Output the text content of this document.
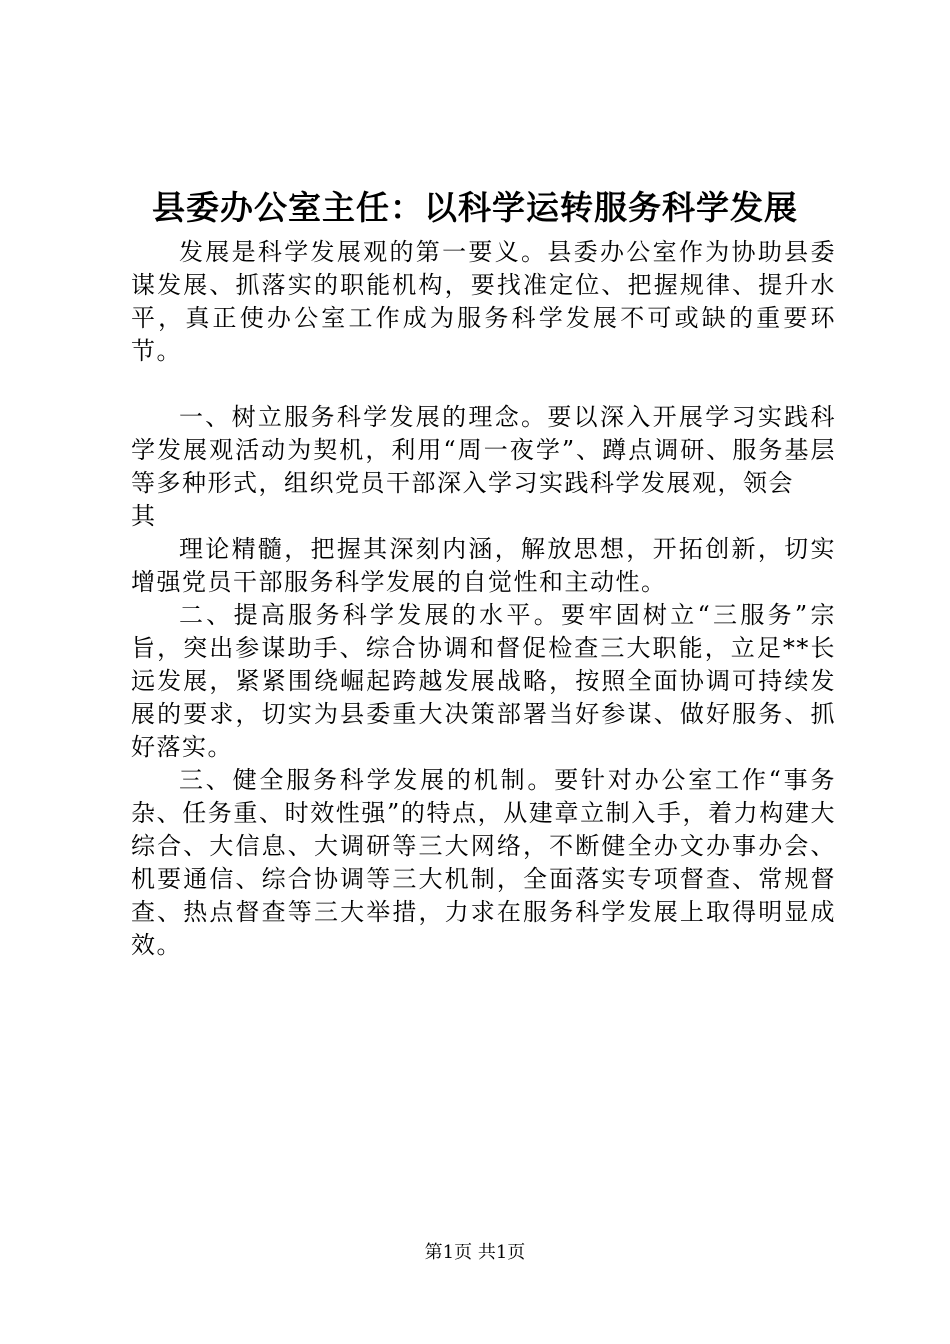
县委办公室主任：以科学运转服务科学发展

发展是科学发展观的第一要义。县委办公室作为协助县委谋发展、抓落实的职能机构，要找准定位、把握规律、提升水平，真正使办公室工作成为服务科学发展不可或缺的重要环节。

一、树立服务科学发展的理念。要以深入开展学习实践科学发展观活动为契机，利用“周一夜学”、蹲点调研、服务基层等多种形式，组织党员干部深入学习实践科学发展观，领会

其

理论精髓，把握其深刻内涵，解放思想，开拓创新，切实增强党员干部服务科学发展的自觉性和主动性。

二、提高服务科学发展的水平。要牢固树立“三服务”宗旨，突出参谋助手、综合协调和督促检查三大职能，立足**长远发展，紧紧围绕崛起跨越发展战略，按照全面协调可持续发展的要求，切实为县委重大决策部署当好参谋、做好服务、抓好落实。

三、健全服务科学发展的机制。要针对办公室工作“事务杂、任务重、时效性强”的特点，从建章立制入手，着力构建大综合、大信息、大调研等三大网络，不断健全办文办事办会、机要通信、综合协调等三大机制，全面落实专项督查、常规督查、热点督查等三大举措，力求在服务科学发展上取得明显成效。

第1页 共1页
